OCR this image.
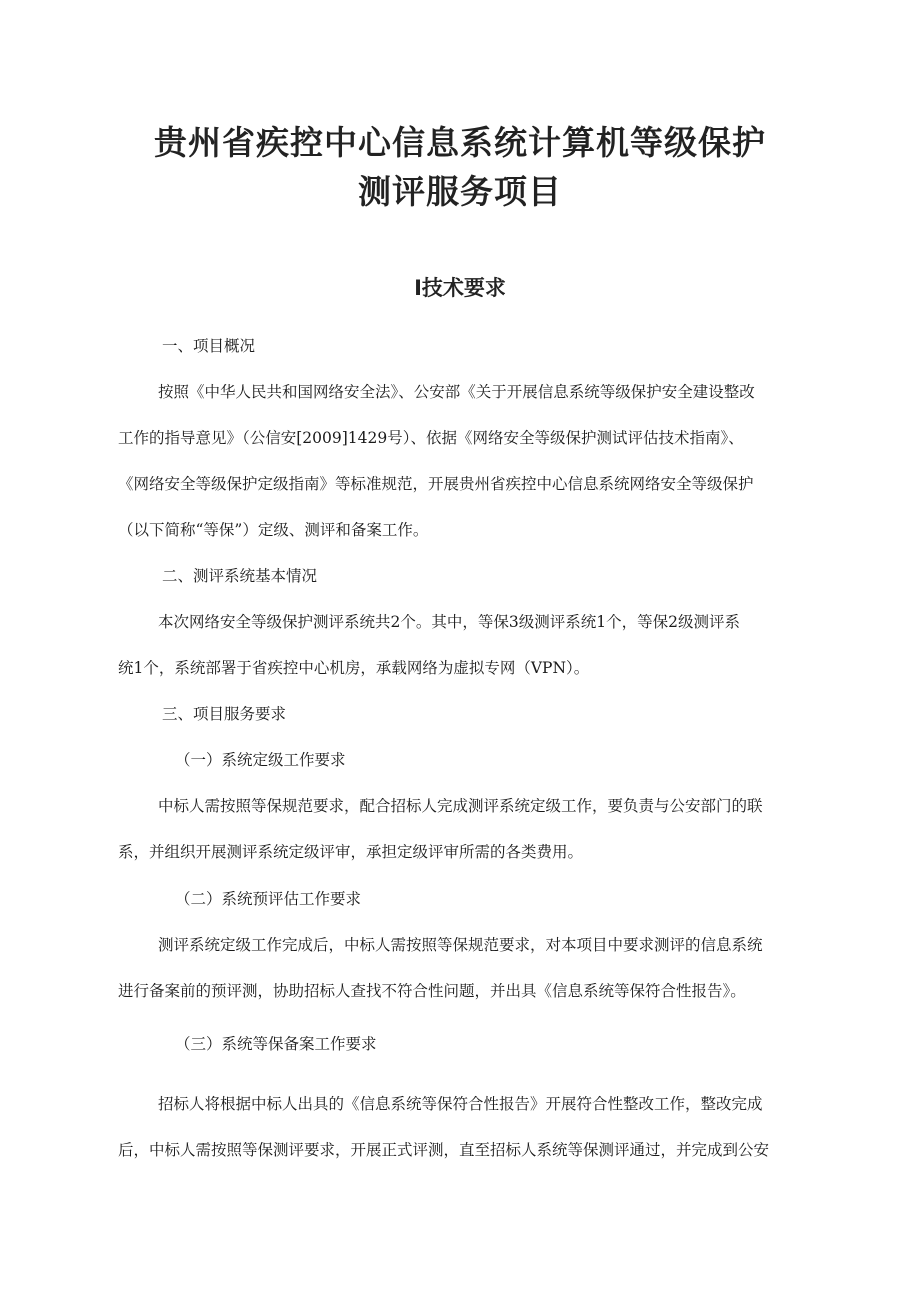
贵州省疾控中心信息系统计算机等级保护
测评服务项目
Ⅰ技术要求

一、项目概况

按照《中华人民共和国网络安全法》、公安部《关于开展信息系统等级保护安全建设整改

工作的指导意见》（公信安[2009]1429号）、依据《网络安全等级保护测试评估技术指南》、

《网络安全等级保护定级指南》等标准规范，开展贵州省疾控中心信息系统网络安全等级保护

（以下简称“等保”）定级、测评和备案工作。

二、测评系统基本情况

本次网络安全等级保护测评系统共2个。其中，等保3级测评系统1个，等保2级测评系

统1个，系统部署于省疾控中心机房，承载网络为虚拟专网（VPN）。

三、项目服务要求

（一）系统定级工作要求

中标人需按照等保规范要求，配合招标人完成测评系统定级工作，要负责与公安部门的联

系，并组织开展测评系统定级评审，承担定级评审所需的各类费用。

（二）系统预评估工作要求

测评系统定级工作完成后，中标人需按照等保规范要求，对本项目中要求测评的信息系统

进行备案前的预评测，协助招标人查找不符合性问题，并出具《信息系统等保符合性报告》。

（三）系统等保备案工作要求

招标人将根据中标人出具的《信息系统等保符合性报告》开展符合性整改工作，整改完成

后，中标人需按照等保测评要求，开展正式评测，直至招标人系统等保测评通过，并完成到公安
